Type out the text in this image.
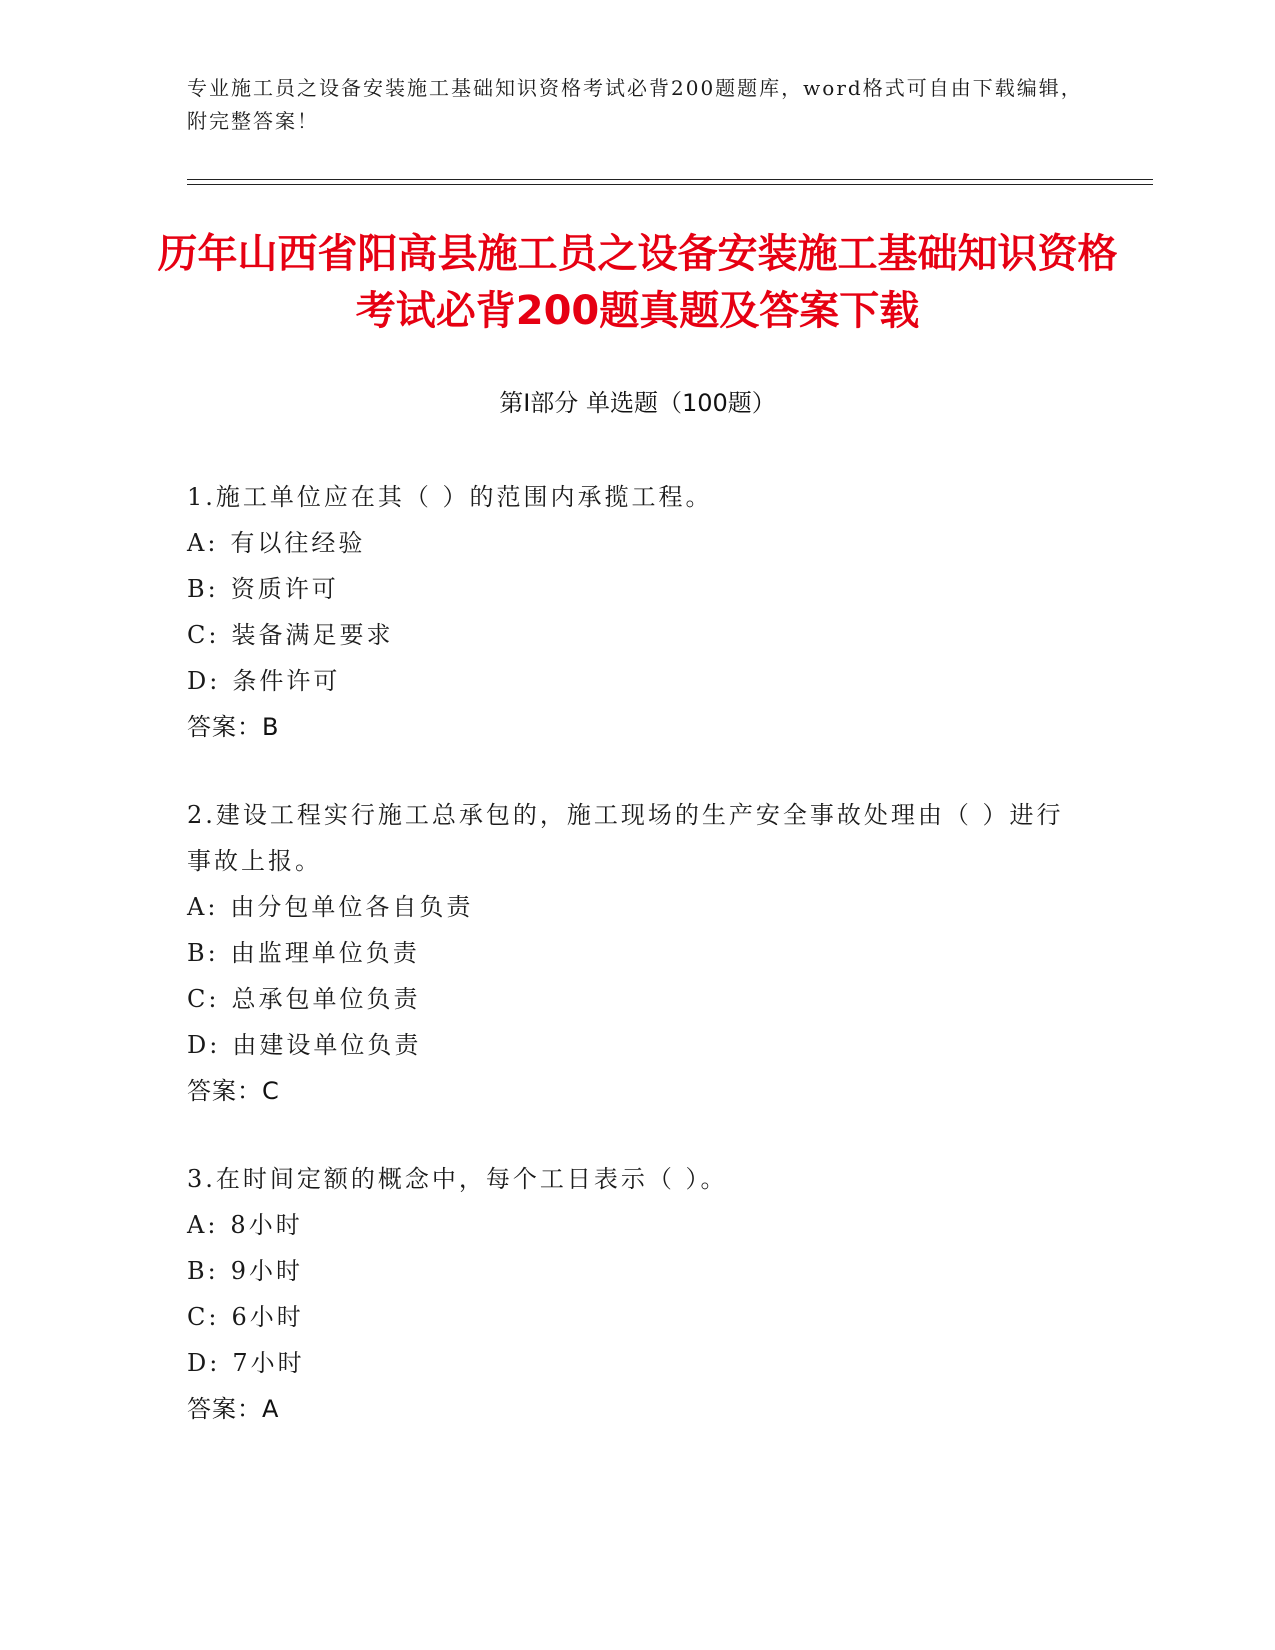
专业施工员之设备安装施工基础知识资格考试必背200题题库，word格式可自由下载编辑，附完整答案！
历年山西省阳高县施工员之设备安装施工基础知识资格考试必背200题真题及答案下载
第I部分 单选题（100题）
1.施工单位应在其（ ）的范围内承揽工程。
A: 有以往经验
B: 资质许可
C: 装备满足要求
D: 条件许可
答案：B
2.建设工程实行施工总承包的，施工现场的生产安全事故处理由（ ）进行事故上报。
A: 由分包单位各自负责
B: 由监理单位负责
C: 总承包单位负责
D: 由建设单位负责
答案：C
3.在时间定额的概念中，每个工日表示（ ）。
A: 8小时
B: 9小时
C: 6小时
D: 7小时
答案：A
